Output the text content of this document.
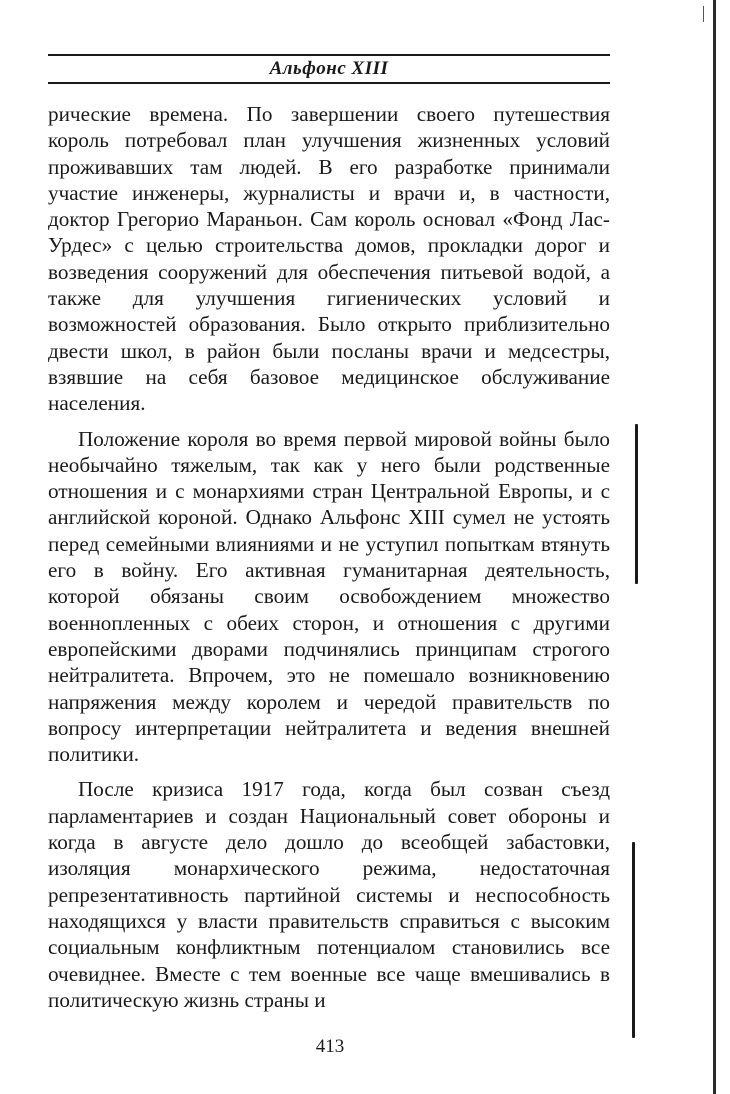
Альфонс XIII

рические времена. По завершении своего путешествия король потребовал план улучшения жизненных условий проживавших там людей. В его разработке принимали участие инженеры, журналисты и врачи и, в частности, доктор Грегорио Мараньон. Сам король основал «Фонд Лас-Урдес» с целью строительства домов, прокладки дорог и возведения сооружений для обеспечения питьевой водой, а также для улучшения гигиенических условий и возможностей образования. Было открыто приблизительно двести школ, в район были посланы врачи и медсестры, взявшие на себя базовое медицинское обслуживание населения.

Положение короля во время первой мировой войны было необычайно тяжелым, так как у него были родственные отношения и с монархиями стран Центральной Европы, и с английской короной. Однако Альфонс XIII сумел не устоять перед семейными влияниями и не уступил попыткам втянуть его в войну. Его активная гуманитарная деятельность, которой обязаны своим освобождением множество военнопленных с обеих сторон, и отношения с другими европейскими дворами подчинялись принципам строгого нейтралитета. Впрочем, это не помешало возникновению напряжения между королем и чередой правительств по вопросу интерпретации нейтралитета и ведения внешней политики.

После кризиса 1917 года, когда был созван съезд парламентариев и создан Национальный совет обороны и когда в августе дело дошло до всеобщей забастовки, изоляция монархического режима, недостаточная репрезентативность партийной системы и неспособность находящихся у власти правительств справиться с высоким социальным конфликтным потенциалом становились все очевиднее. Вместе с тем военные все чаще вмешивались в политическую жизнь страны и

413
